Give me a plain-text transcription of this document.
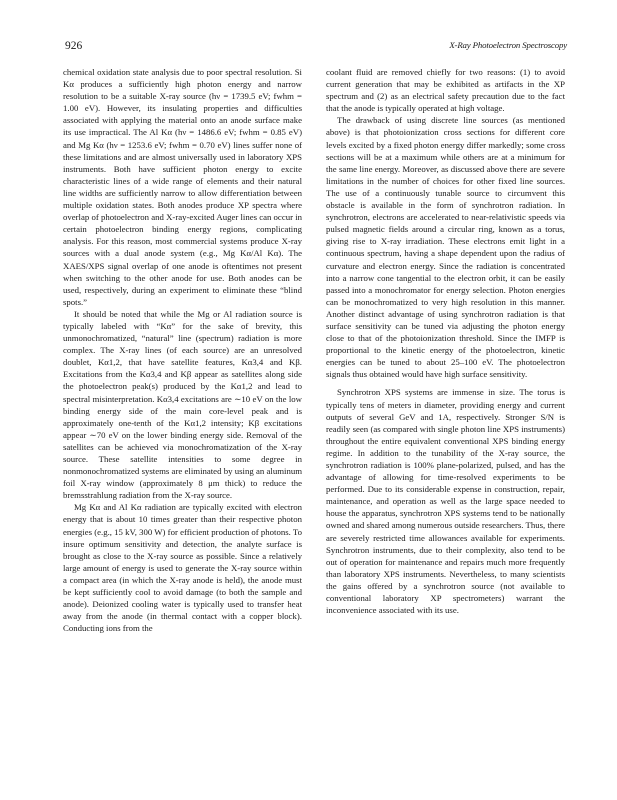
926	X-Ray Photoelectron Spectroscopy

chemical oxidation state analysis due to poor spectral resolution. Si Kα produces a sufficiently high photon energy and narrow resolution to be a suitable X-ray source (hν = 1739.5 eV; fwhm = 1.00 eV). However, its insulating properties and difficulties associated with applying the material onto an anode surface make its use impractical. The Al Kα (hν = 1486.6 eV; fwhm = 0.85 eV) and Mg Kα (hν = 1253.6 eV; fwhm = 0.70 eV) lines suffer none of these limitations and are almost universally used in laboratory XPS instruments. Both have sufficient photon energy to excite characteristic lines of a wide range of elements and their natural line widths are sufficiently narrow to allow differentiation between multiple oxidation states. Both anodes produce XP spectra where overlap of photoelectron and X-ray-excited Auger lines can occur in certain photoelectron binding energy regions, complicating analysis. For this reason, most commercial systems produce X-ray sources with a dual anode system (e.g., Mg Kα/Al Kα). The XAES/XPS signal overlap of one anode is oftentimes not present when switching to the other anode for use. Both anodes can be used, respectively, during an experiment to eliminate these “blind spots.”

It should be noted that while the Mg or Al radiation source is typically labeled with “Kα” for the sake of brevity, this unmonochromatized, “natural” line (spectrum) radiation is more complex. The X-ray lines (of each source) are an unresolved doublet, Kα1,2, that have satellite features, Kα3,4 and Kβ. Excitations from the Kα3,4 and Kβ appear as satellites along side the photoelectron peak(s) produced by the Kα1,2 and lead to spectral misinterpretation. Kα3,4 excitations are ∼10 eV on the low binding energy side of the main core-level peak and is approximately one-tenth of the Kα1,2 intensity; Kβ excitations appear ∼70 eV on the lower binding energy side. Removal of the satellites can be achieved via monochromatization of the X-ray source. These satellite intensities to some degree in nonmonochromatized systems are eliminated by using an aluminum foil X-ray window (approximately 8 μm thick) to reduce the bremsstrahlung radiation from the X-ray source.

Mg Kα and Al Kα radiation are typically excited with electron energy that is about 10 times greater than their respective photon energies (e.g., 15 kV, 300 W) for efficient production of photons. To insure optimum sensitivity and detection, the analyte surface is brought as close to the X-ray source as possible. Since a relatively large amount of energy is used to generate the X-ray source within a compact area (in which the X-ray anode is held), the anode must be kept sufficiently cool to avoid damage (to both the sample and anode). Deionized cooling water is typically used to transfer heat away from the anode (in thermal contact with a copper block). Conducting ions from the

coolant fluid are removed chiefly for two reasons: (1) to avoid current generation that may be exhibited as artifacts in the XP spectrum and (2) as an electrical safety precaution due to the fact that the anode is typically operated at high voltage.

The drawback of using discrete line sources (as mentioned above) is that photoionization cross sections for different core levels excited by a fixed photon energy differ markedly; some cross sections will be at a maximum while others are at a minimum for the same line energy. Moreover, as discussed above there are severe limitations in the number of choices for other fixed line sources. The use of a continuously tunable source to circumvent this obstacle is available in the form of synchrotron radiation. In synchrotron, electrons are accelerated to near-relativistic speeds via pulsed magnetic fields around a circular ring, known as a torus, giving rise to X-ray irradiation. These electrons emit light in a continuous spectrum, having a shape dependent upon the radius of curvature and electron energy. Since the radiation is concentrated into a narrow cone tangential to the electron orbit, it can be easily passed into a monochromator for energy selection. Photon energies can be monochromatized to very high resolution in this manner. Another distinct advantage of using synchrotron radiation is that surface sensitivity can be tuned via adjusting the photon energy close to that of the photoionization threshold. Since the IMFP is proportional to the kinetic energy of the photoelectron, kinetic energies can be tuned to about 25–100 eV. The photoelectron signals thus obtained would have high surface sensitivity.

Synchrotron XPS systems are immense in size. The torus is typically tens of meters in diameter, providing energy and current outputs of several GeV and 1A, respectively. Stronger S/N is readily seen (as compared with single photon line XPS instruments) throughout the entire equivalent conventional XPS binding energy regime. In addition to the tunability of the X-ray source, the synchrotron radiation is 100% plane-polarized, pulsed, and has the advantage of allowing for time-resolved experiments to be performed. Due to its considerable expense in construction, repair, maintenance, and operation as well as the large space needed to house the apparatus, synchrotron XPS systems tend to be nationally owned and shared among numerous outside researchers. Thus, there are severely restricted time allowances available for experiments. Synchrotron instruments, due to their complexity, also tend to be out of operation for maintenance and repairs much more frequently than laboratory XPS instruments. Nevertheless, to many scientists the gains offered by a synchrotron source (not available to conventional laboratory XP spectrometers) warrant the inconvenience associated with its use.
